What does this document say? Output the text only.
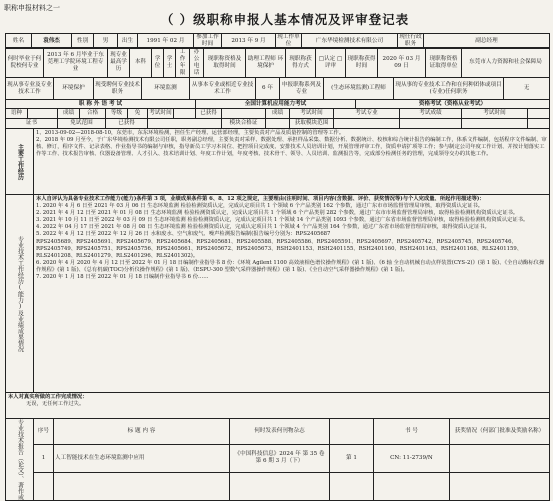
职称申报材料之一
（ ）级职称申报人基本情况及评审登记表
姓名	袁伟杰	性别	男	出生	1991 年 02 月	参加工作时间	2013 年 9 月	现工作单位	广东华境检测技术有限公司	现任行政职务	副总经理
何时毕业于何院校何专业	2013 年 6 月毕业于东莞理工学院环境工程专业	现专业最高学历	本科	学位	学士	工作年限	办公电话	现职称资格及取得时间	助理工程师 环境保护	现职称获得方式	□认定 □评审	现职称获得时间	2020 年 03 月 09 日	现职称资格证取得单位	东莞市人力资源和社会保障局
现从事专业及专业技术工作	环境保护	现受聘何专业技术职务	环境监测	从事本专业或相近专业技术工作	6 年	申报职称系列及专业	(生态环境监测)工程师	现从事的专业技术工作和在何种团体或项目(专业)任何职务	无
职 称 外 语 考 试	全国计算机应用能力考试	资格考试（资格从业考试）
语种		成绩	合格	等级	免	考试时间		已获得		成绩	考试时间	考试专业	考试成绩	考试时间	
证书		免试范围		已获得					模块合格证		获取模块范围				
主要工作经历	
1、2013-09-02—2018-08-10，东莞市，东东环境检测，担任生产经理、运营部经理，主要负责对产品及质量控制的管理等工作。
2、2018 年 09 月至今，于广东华境检测技术有限公司任职，职务副总经理，主要负责对采样、数据处理、承担样品采集、数据分析、数据统计、校核和综合统计报告的编制工作，体系文件编制，包括程序文件编制、审核、修订，程序文件、记录表格、作业指导书的编制与审核，指导新员工学习本岗位、把控项目完成度、安排技术人员培训计划，开展管理评审工作，资质申请扩项等工作；参与制定公司年度工作计划、并按计划落实工作等工作、技术报告审核、仪器设备管理、人才引入、技术培训计划、年度工作计划，年度考核、技术骨干、领导、人员培训、监测报告等，完成部分检测任务的管理，完成领导交办的其他工作。
专业技术工作经历(能力)及业绩成果情况	
本人自评认为具备专业技术工作能力(能力)条件第 3 项，业绩成果条件第 6、8、12 项之规定，主要理由(注明时间、项目内容(含数据、评价、获奖情况等)与个人完成量、所起作用描述等)：
1. 2020 年 4 月 6 日至 2021 年 03 月 06 日 生态环境监测 检验检测资质认定，完成认定项目共 1 个领域 6 个产品类别 162 个参数，通过广东市市场监督管理局审核，取得资质认定证书。
2. 2021 年 4 月 12 日至 2021 年 01 月 08 日 生态环境监测 检验检测资质认定，完成认定项目共 1 个领域 6 个产品类别 282 个参数，通过广东市市场监督管理局审核，取得检验检测机构资质认定证书。
3. 2021 年 10 月 11 日至 2022 年 03 月 09 日 生态环境监测 检验检测资质认定，完成认定项目共 1 个领域 14 个产品类别 1093 个参数，通过广东省市场监督管理局审核，取得检验检测机构资质认定证书。
4. 2022 年 04 月 17 日至 2021 年 08 月 08 日 生态环境监测 检验检测资质认定，完成认定项目共 1 个领域 4 个产品类别 164 个参数，通过广东省市场监督管理局审核，取得资质认定证书。
5. 2022 年 4 月 12 日至 2022 年 12 月 26 日 水和废水、空气和废气、噪声检测报告编制(报告编号分别为：RPS2405687
RPS2405689、RPS2405691、RPS2405679、RPS2405684、RPS2405681、RPS2405588、RPS2405586、RPS2405591、RPS2405697、RPS2405742、RPS2405745、RPS2405746、RPS2405749、RPS2405751、RPS2405756、RPS2405661、RPS2405672、RPS2405673、RSH2401153、RSH2401155、RSH2401160、RSH2401163、RSH2401168、RLS2401159、RLS2401208、RLS2401279、RLS2401296、RLS2401302)。
6. 2020 年 4 月 2020 年 4 月 12 日至 2022 年 01 月 18 日编制作业指导书 8 份：《环境 Agilent 1100 高效液相色谱仪操作规程》(第 1 版)、《6 轴 全自动机械自动点样装置(CYS-2)》(第 1 版)、《全自动酶标仪操作规程》(第 1 版)、《总有机碳(TOC)分析仪操作规程》(第 1 版)、《ESPU-300 型数气采样器操作规程》(第 1 版)、《全自动空气采样器操作规程》(第 1 版)。
7. 2020 年 1 月 18 日至 2022 年 01 月 18 日编制作业指导书 6 份……
本人对真实所做的工作完成情况：
无误，无任何工作过失。
专业技术报告（论文）、著作或	序号	标 题 内 容	何时发表何刊物杂志		书 号	获奖情况（何部门批准及奖励名称）
	1	人工智能技术在生态环境监测中应用	《中国科技信息》2024 年 第 35 卷 第 6 期 3 月（下）	第 1	CN: 11-2739/N	
